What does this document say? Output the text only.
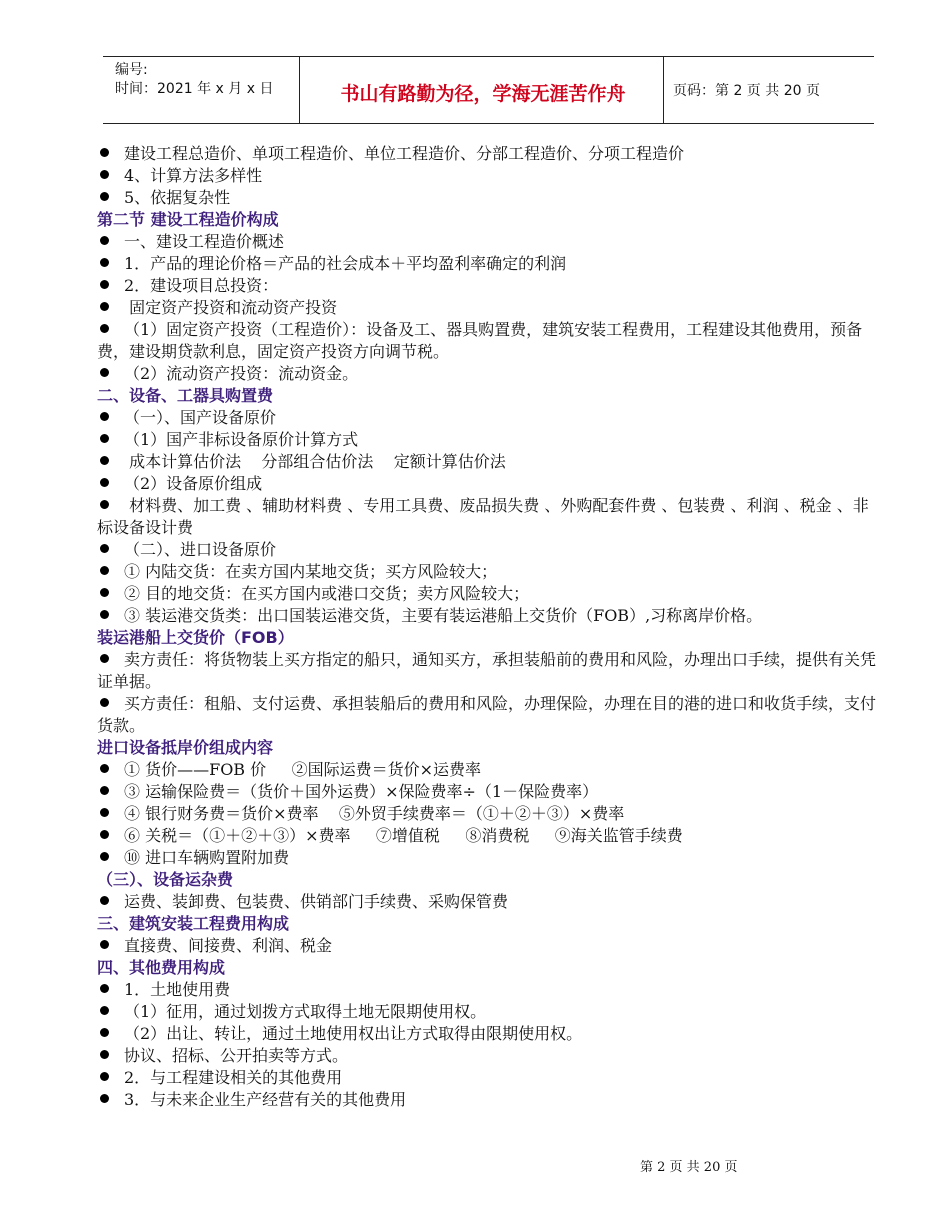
编号:
时间：2021 年 x 月 x 日	书山有路勤为径，学海无涯苦作舟	页码：第 2 页 共 20 页

建设工程总造价、单项工程造价、单位工程造价、分部工程造价、分项工程造价

4、计算方法多样性

5、依据复杂性

第二节 建设工程造价构成

一、建设工程造价概述

1．产品的理论价格＝产品的社会成本＋平均盈利率确定的利润

2．建设项目总投资：

固定资产投资和流动资产投资

（1）固定资产投资（工程造价）：设备及工、器具购置费，建筑安装工程费用，工程建设其他费用，预备费，建设期贷款利息，固定资产投资方向调节税。

（2）流动资产投资：流动资金。

二、设备、工器具购置费

（一）、国产设备原价

（1）国产非标设备原价计算方式

成本计算估价法    分部组合估价法    定额计算估价法

（2）设备原价组成

材料费、加工费 、辅助材料费 、专用工具费、废品损失费 、外购配套件费 、包装费 、利润 、税金 、非标设备设计费

（二）、进口设备原价

① 内陆交货：在卖方国内某地交货；买方风险较大；

② 目的地交货：在买方国内或港口交货；卖方风险较大；

③ 装运港交货类：出口国装运港交货，主要有装运港船上交货价（FOB）,习称离岸价格。

装运港船上交货价（FOB）

卖方责任：将货物装上买方指定的船只，通知买方，承担装船前的费用和风险，办理出口手续，提供有关凭证单据。

买方责任：租船、支付运费、承担装船后的费用和风险，办理保险，办理在目的港的进口和收货手续，支付货款。

进口设备抵岸价组成内容

① 货价——FOB 价     ②国际运费＝货价×运费率

③ 运输保险费＝（货价＋国外运费）×保险费率÷（1－保险费率）

④ 银行财务费＝货价×费率    ⑤外贸手续费率＝（①＋②＋③）×费率

⑥ 关税＝（①＋②＋③）×费率     ⑦增值税     ⑧消费税     ⑨海关监管手续费

⑩ 进口车辆购置附加费

（三）、设备运杂费

运费、装卸费、包装费、供销部门手续费、采购保管费

三、建筑安装工程费用构成

直接费、间接费、利润、税金

四、其他费用构成

1．土地使用费

（1）征用，通过划拨方式取得土地无限期使用权。

（2）出让、转让，通过土地使用权出让方式取得由限期使用权。

协议、招标、公开拍卖等方式。

2．与工程建设相关的其他费用

3．与未来企业生产经营有关的其他费用

第 2 页 共 20 页
